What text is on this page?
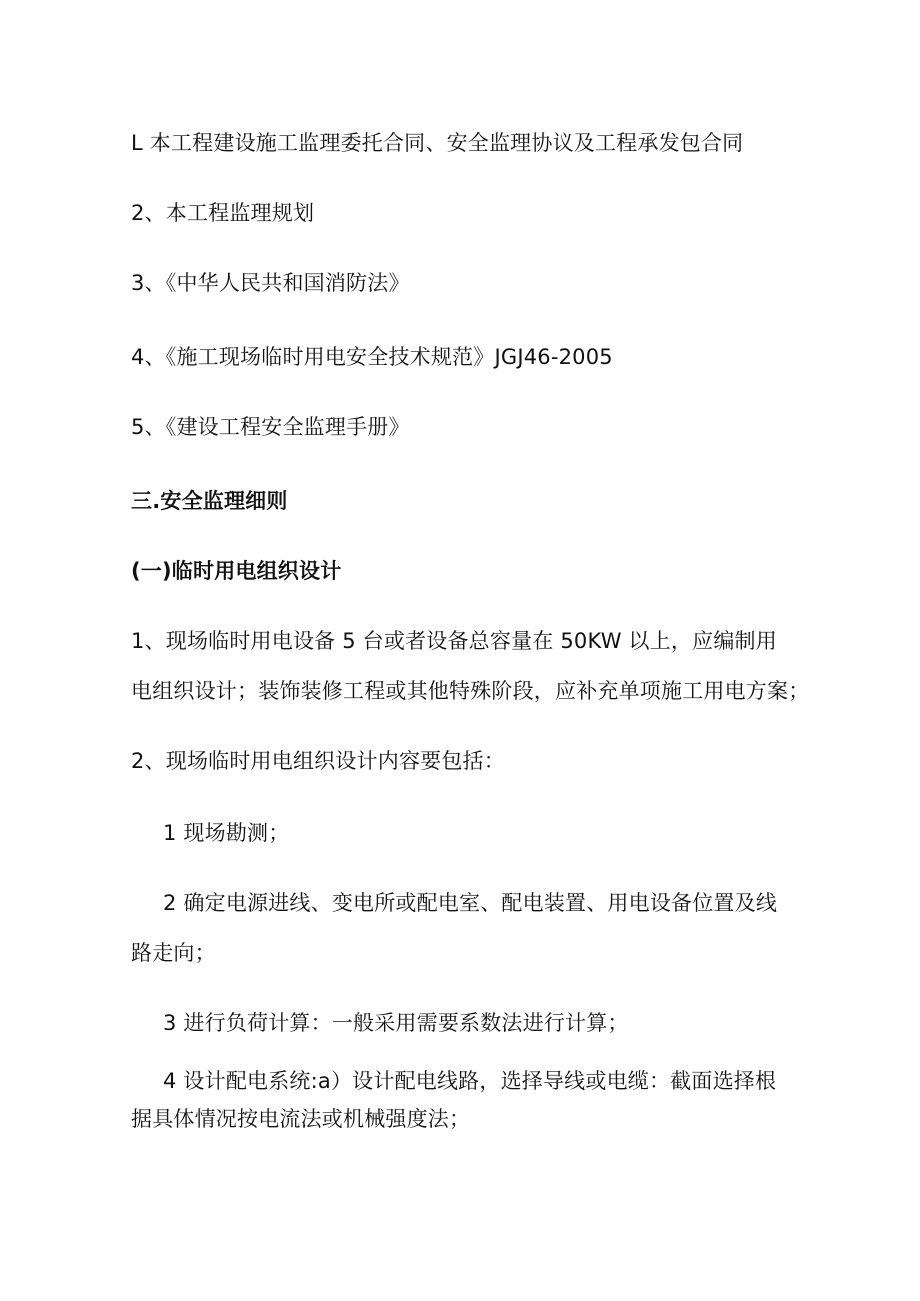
L 本工程建设施工监理委托合同、安全监理协议及工程承发包合同
2、本工程监理规划
3、《中华人民共和国消防法》
4、《施工现场临时用电安全技术规范》JGJ46-2005
5、《建设工程安全监理手册》
三.安全监理细则
(一)临时用电组织设计
1、现场临时用电设备 5 台或者设备总容量在 50KW 以上，应编制用
电组织设计；装饰装修工程或其他特殊阶段，应补充单项施工用电方案；
2、现场临时用电组织设计内容要包括：
1 现场勘测；
2 确定电源进线、变电所或配电室、配电装置、用电设备位置及线
路走向；
3 进行负荷计算：一般采用需要系数法进行计算；
4 设计配电系统:a）设计配电线路，选择导线或电缆：截面选择根
据具体情况按电流法或机械强度法；
